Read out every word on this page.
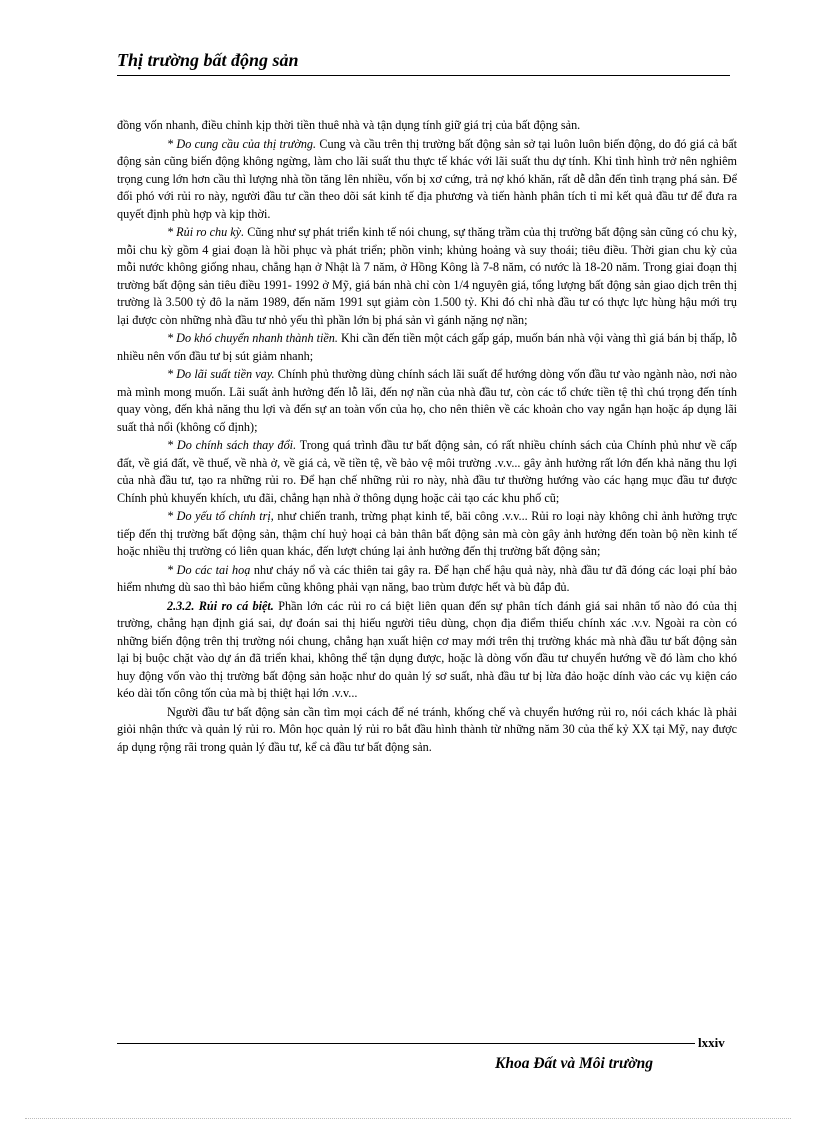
Thị trường bất động sản

đồng vốn nhanh, điều chỉnh kịp thời tiền thuê nhà và tận dụng tính giữ giá trị của bất động sản.

* Do cung cầu của thị trường. Cung và cầu trên thị trường bất động sản sở tại luôn luôn biến động, do đó giá cả bất động sản cũng biến động không ngừng, làm cho lãi suất thu thực tế khác với lãi suất thu dự tính. Khi tình hình trở nên nghiêm trọng cung lớn hơn cầu thì lượng nhà tồn tăng lên nhiều, vốn bị xơ cứng, trả nợ khó khăn, rất dễ dẫn đến tình trạng phá sản. Để đối phó với rủi ro này, người đầu tư cần theo dõi sát kinh tế địa phương và tiến hành phân tích tỉ mỉ kết quả đầu tư để đưa ra quyết định phù hợp và kịp thời.

* Rủi ro chu kỳ. Cũng như sự phát triển kinh tế nói chung, sự thăng trầm của thị trường bất động sản cũng có chu kỳ, mỗi chu kỳ gồm 4 giai đoạn là hồi phục và phát triển; phồn vinh; khủng hoảng và suy thoái; tiêu điều. Thời gian chu kỳ của mỗi nước không giống nhau, chẳng hạn ở Nhật là 7 năm, ở Hồng Kông là 7-8 năm, có nước là 18-20 năm. Trong giai đoạn thị trường bất động sản tiêu điều 1991- 1992 ở Mỹ, giá bán nhà chỉ còn 1/4 nguyên giá, tổng lượng bất động sản giao dịch trên thị trường là 3.500 tỷ đô la năm 1989, đến năm 1991 sụt giảm còn 1.500 tỷ. Khi đó chỉ nhà đầu tư có thực lực hùng hậu mới trụ lại được còn những nhà đầu tư nhỏ yếu thì phần lớn bị phá sản vì gánh nặng nợ nần;

* Do khó chuyển nhanh thành tiền. Khi cần đến tiền một cách gấp gáp, muốn bán nhà vội vàng thì giá bán bị thấp, lỗ nhiều nên vốn đầu tư bị sút giảm nhanh;

* Do lãi suất tiền vay. Chính phủ thường dùng chính sách lãi suất để hướng dòng vốn đầu tư vào ngành nào, nơi nào mà mình mong muốn. Lãi suất ảnh hưởng đến lỗ lãi, đến nợ nần của nhà đầu tư, còn các tổ chức tiền tệ thì chú trọng đến tính quay vòng, đến khả năng thu lợi và đến sự an toàn vốn của họ, cho nên thiên về các khoản cho vay ngắn hạn hoặc áp dụng lãi suất thả nổi (không cố định);

* Do chính sách thay đổi. Trong quá trình đầu tư bất động sản, có rất nhiều chính sách của Chính phủ như về cấp đất, về giá đất, về thuế, về nhà ở, về giá cả, về tiền tệ, về bảo vệ môi trường .v.v... gây ảnh hưởng rất lớn đến khả năng thu lợi của nhà đầu tư, tạo ra những rủi ro. Để hạn chế những rủi ro này, nhà đầu tư thường hướng vào các hạng mục đầu tư được Chính phủ khuyến khích, ưu đãi, chẳng hạn nhà ở thông dụng hoặc cải tạo các khu phố cũ;

* Do yếu tố chính trị, như chiến tranh, trừng phạt kinh tế, bãi công .v.v... Rủi ro loại này không chỉ ảnh hưởng trực tiếp đến thị trường bất động sản, thậm chí huỷ hoại cả bản thân bất động sản mà còn gây ảnh hưởng đến toàn bộ nền kinh tế hoặc nhiều thị trường có liên quan khác, đến lượt chúng lại ảnh hưởng đến thị trường bất động sản;

* Do các tai hoạ như cháy nổ và các thiên tai gây ra. Để hạn chế hậu quả này, nhà đầu tư đã đóng các loại phí bảo hiểm nhưng dù sao thì bảo hiểm cũng không phải vạn năng, bao trùm được hết và bù đắp đủ.

2.3.2. Rủi ro cá biệt. Phần lớn các rủi ro cá biệt liên quan đến sự phân tích đánh giá sai nhân tố nào đó của thị trường, chẳng hạn định giá sai, dự đoán sai thị hiếu người tiêu dùng, chọn địa điểm thiếu chính xác .v.v. Ngoài ra còn có những biến động trên thị trường nói chung, chẳng hạn xuất hiện cơ may mới trên thị trường khác mà nhà đầu tư bất động sản lại bị buộc chặt vào dự án đã triển khai, không thể tận dụng được, hoặc là dòng vốn đầu tư chuyển hướng về đó làm cho khó huy động vốn vào thị trường bất động sản hoặc như do quản lý sơ suất, nhà đầu tư bị lừa đảo hoặc dính vào các vụ kiện cáo kéo dài tốn công tốn của mà bị thiệt hại lớn .v.v...

Người đầu tư bất động sản cần tìm mọi cách để né tránh, khống chế và chuyển hướng rủi ro, nói cách khác là phải giỏi nhận thức và quản lý rủi ro. Môn học quản lý rủi ro bắt đầu hình thành từ những năm 30 của thế kỷ XX tại Mỹ, nay được áp dụng rộng rãi trong quản lý đầu tư, kể cả đầu tư bất động sản.

lxxiv
Khoa Đất và Môi trường
